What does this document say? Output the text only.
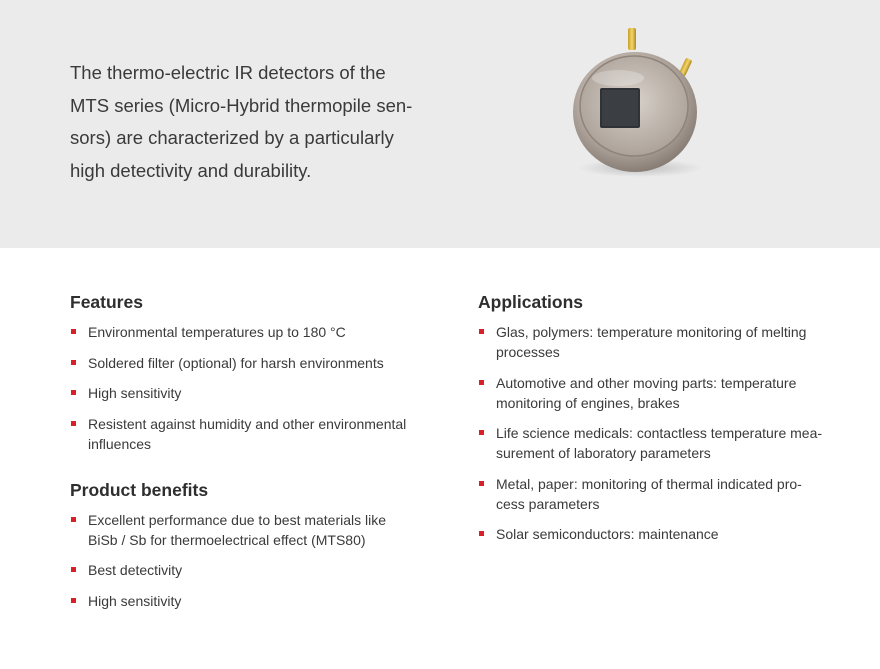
The thermo-electric IR detectors of the
MTS series (Micro-Hybrid thermopile sen-
sors) are characterized by a particularly
high detectivity and durability.
Features
Environmental temperatures up to 180 °C
Soldered filter (optional) for harsh environments
High sensitivity
Resistent against humidity and other environmental
influences
Product benefits
Excellent performance due to best materials like
BiSb / Sb for thermoelectrical effect (MTS80)
Best detectivity
High sensitivity
Applications
Glas, polymers: temperature monitoring of melting
processes
Automotive and other moving parts: temperature
monitoring of engines, brakes
Life science medicals: contactless temperature mea-
surement of laboratory parameters
Metal, paper: monitoring of thermal indicated pro-
cess parameters
Solar semiconductors: maintenance
